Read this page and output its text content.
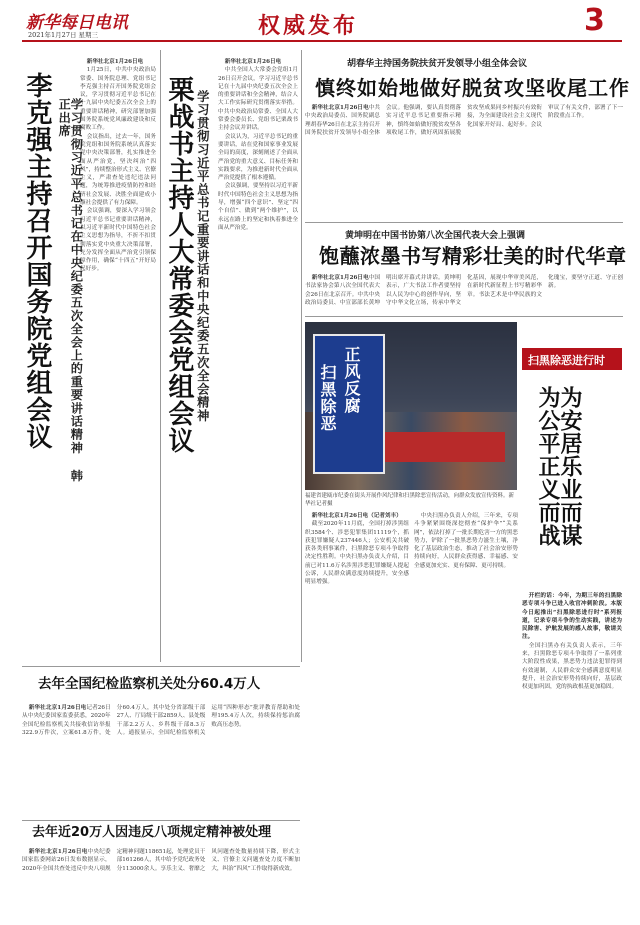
新华每日电讯
2021年1月27日 星期三	权威发布	3
李克强主持召开国务院党组会议	学习贯彻习近平总书记在中央纪委五次全会上的重要讲话精神 韩正出席

新华社北京1月26日电

1月25日，中共中央政治局常委、国务院总理、党组书记李克强主持召开国务院党组会议，学习贯彻习近平总书记在十九届中央纪委五次全会上的重要讲话精神，研究部署加强国务院系统党风廉政建设和反腐败工作。

会议指出，过去一年，国务院党组和国务院系统认真落实党中央决策部署，扎实推进全面从严治党，坚决纠治“四风”，持续整治形式主义、官僚主义，严肃查处违纪违法问题，为统筹推进疫情防控和经济社会发展、决胜全面建成小康社会提供了有力保障。

会议强调，要深入学习领会习近平总书记重要讲话精神，以习近平新时代中国特色社会主义思想为指导，不折不扣贯彻落实党中央重大决策部署，充分发挥全面从严治党引领保障作用，确保“十四五”开好局起好步。	栗战书主持人大常委会党组会议 学习贯彻习近平总书记重要讲话和中央纪委五次全会精神

新华社北京1月26日电

中共全国人大常委会党组1月26日召开会议，学习习近平总书记在十九届中央纪委五次全会上的重要讲话和全会精神，结合人大工作实际研究贯彻落实举措。中共中央政治局常委、全国人大常委会委员长、党组书记栗战书主持会议并讲话。

会议认为，习近平总书记的重要讲话，站在党和国家事业发展全局的高度，深刻阐述了全面从严治党的重大意义、目标任务和实践要求，为推进新时代全面从严治党提供了根本遵循。

会议强调，要坚持以习近平新时代中国特色社会主义思想为指导，增强“四个意识”、坚定“四个自信”、做到“两个维护”，以永远在路上的坚定和执着推进全面从严治党。

胡春华主持国务院扶贫开发领导小组全体会议
慎终如始地做好脱贫攻坚收尾工作

新华社北京1月26日电中共中央政治局委员、国务院副总理胡春华26日在北京主持召开国务院扶贫开发领导小组全体会议。他强调，要认真贯彻落实习近平总书记重要指示精神，慎终如始做好脱贫攻坚各项收尾工作，做好巩固拓展脱贫攻坚成果同乡村振兴有效衔接，为全面建设社会主义现代化国家开好局、起好步。会议审议了有关文件，部署了下一阶段重点工作。

黄坤明在中国书协第八次全国代表大会上强调
饱蘸浓墨书写精彩壮美的时代华章

新华社北京1月26日电中国书法家协会第八次全国代表大会26日在北京召开。中共中央政治局委员、中宣部部长黄坤明出席开幕式并讲话。黄坤明表示，广大书法工作者要坚持以人民为中心的创作导向，坚守中华文化立场，传承中华文化基因，展现中华审美风范，在新时代新征程上书写精彩华章。书法艺术是中华民族的文化瑰宝，要坚守正道、守正创新。

正风反腐
扫黑除恶
福建省建瓯市纪委在街头开展作风纪律和扫黑除恶宣传活动，向群众发放宣传资料。新华社记者摄

新华社北京1月26日电（记者刘丰）

截至2020年11月底，全国打掉涉黑组织3584个、涉恶犯罪集团11119个，抓获犯罪嫌疑人237446人；公安机关共破获各类刑事案件，扫黑除恶专项斗争取得决定性胜利。中央扫黑办负责人介绍，目前已对11.6万名涉黑涉恶犯罪嫌疑人提起公诉，人民群众满意度持续提升，安全感明显增强。

中央扫黑办负责人介绍，三年来，专项斗争紧紧围绕深挖彻查“保护伞”“关系网”，依法打掉了一批长期危害一方的黑恶势力，铲除了一批黑恶势力滋生土壤，净化了基层政治生态，推动了社会治安形势持续向好，人民群众获得感、幸福感、安全感更加充实、更有保障、更可持续。

扫黑除恶进行时
为安居乐业而谋 为公平正义而战

开栏的话：今年，为期三年的扫黑除恶专项斗争已进入收官冲刺阶段。本版今日起推出“扫黑除恶进行时”系列报道，记录专项斗争的生动实践，讲述为民除害、护航发展的感人故事，敬请关注。

全国扫黑办有关负责人表示，三年来，扫黑除恶专项斗争取得了一系列重大阶段性成果，黑恶势力违法犯罪得到有效遏制，人民群众安全感满意度明显提升，社会治安形势持续向好，基层政权更加巩固，党的执政根基更加稳固。

去年全国纪检监察机关处分60.4万人

新华社北京1月26日电记者26日从中央纪委国家监委获悉，2020年全国纪检监察机关共接收信访举报322.9万件次，立案61.8万件，处分60.4万人，其中处分省部级干部27人、厅局级干部2859人、县处级干部2.2万人、乡科级干部8.3万人。通报显示，全国纪检监察机关运用“四种形态”批评教育帮助和处理195.4万人次，持续保持惩治腐败高压态势。

去年近20万人因违反八项规定精神被处理

新华社北京1月26日电中央纪委国家监委网站26日发布数据显示，2020年全国共查处违反中央八项规定精神问题118651起，处理党员干部161266人，其中给予党纪政务处分113000余人。享乐主义、奢靡之风问题查处数量持续下降，形式主义、官僚主义问题查处力度不断加大，纠治“四风”工作取得新成效。
